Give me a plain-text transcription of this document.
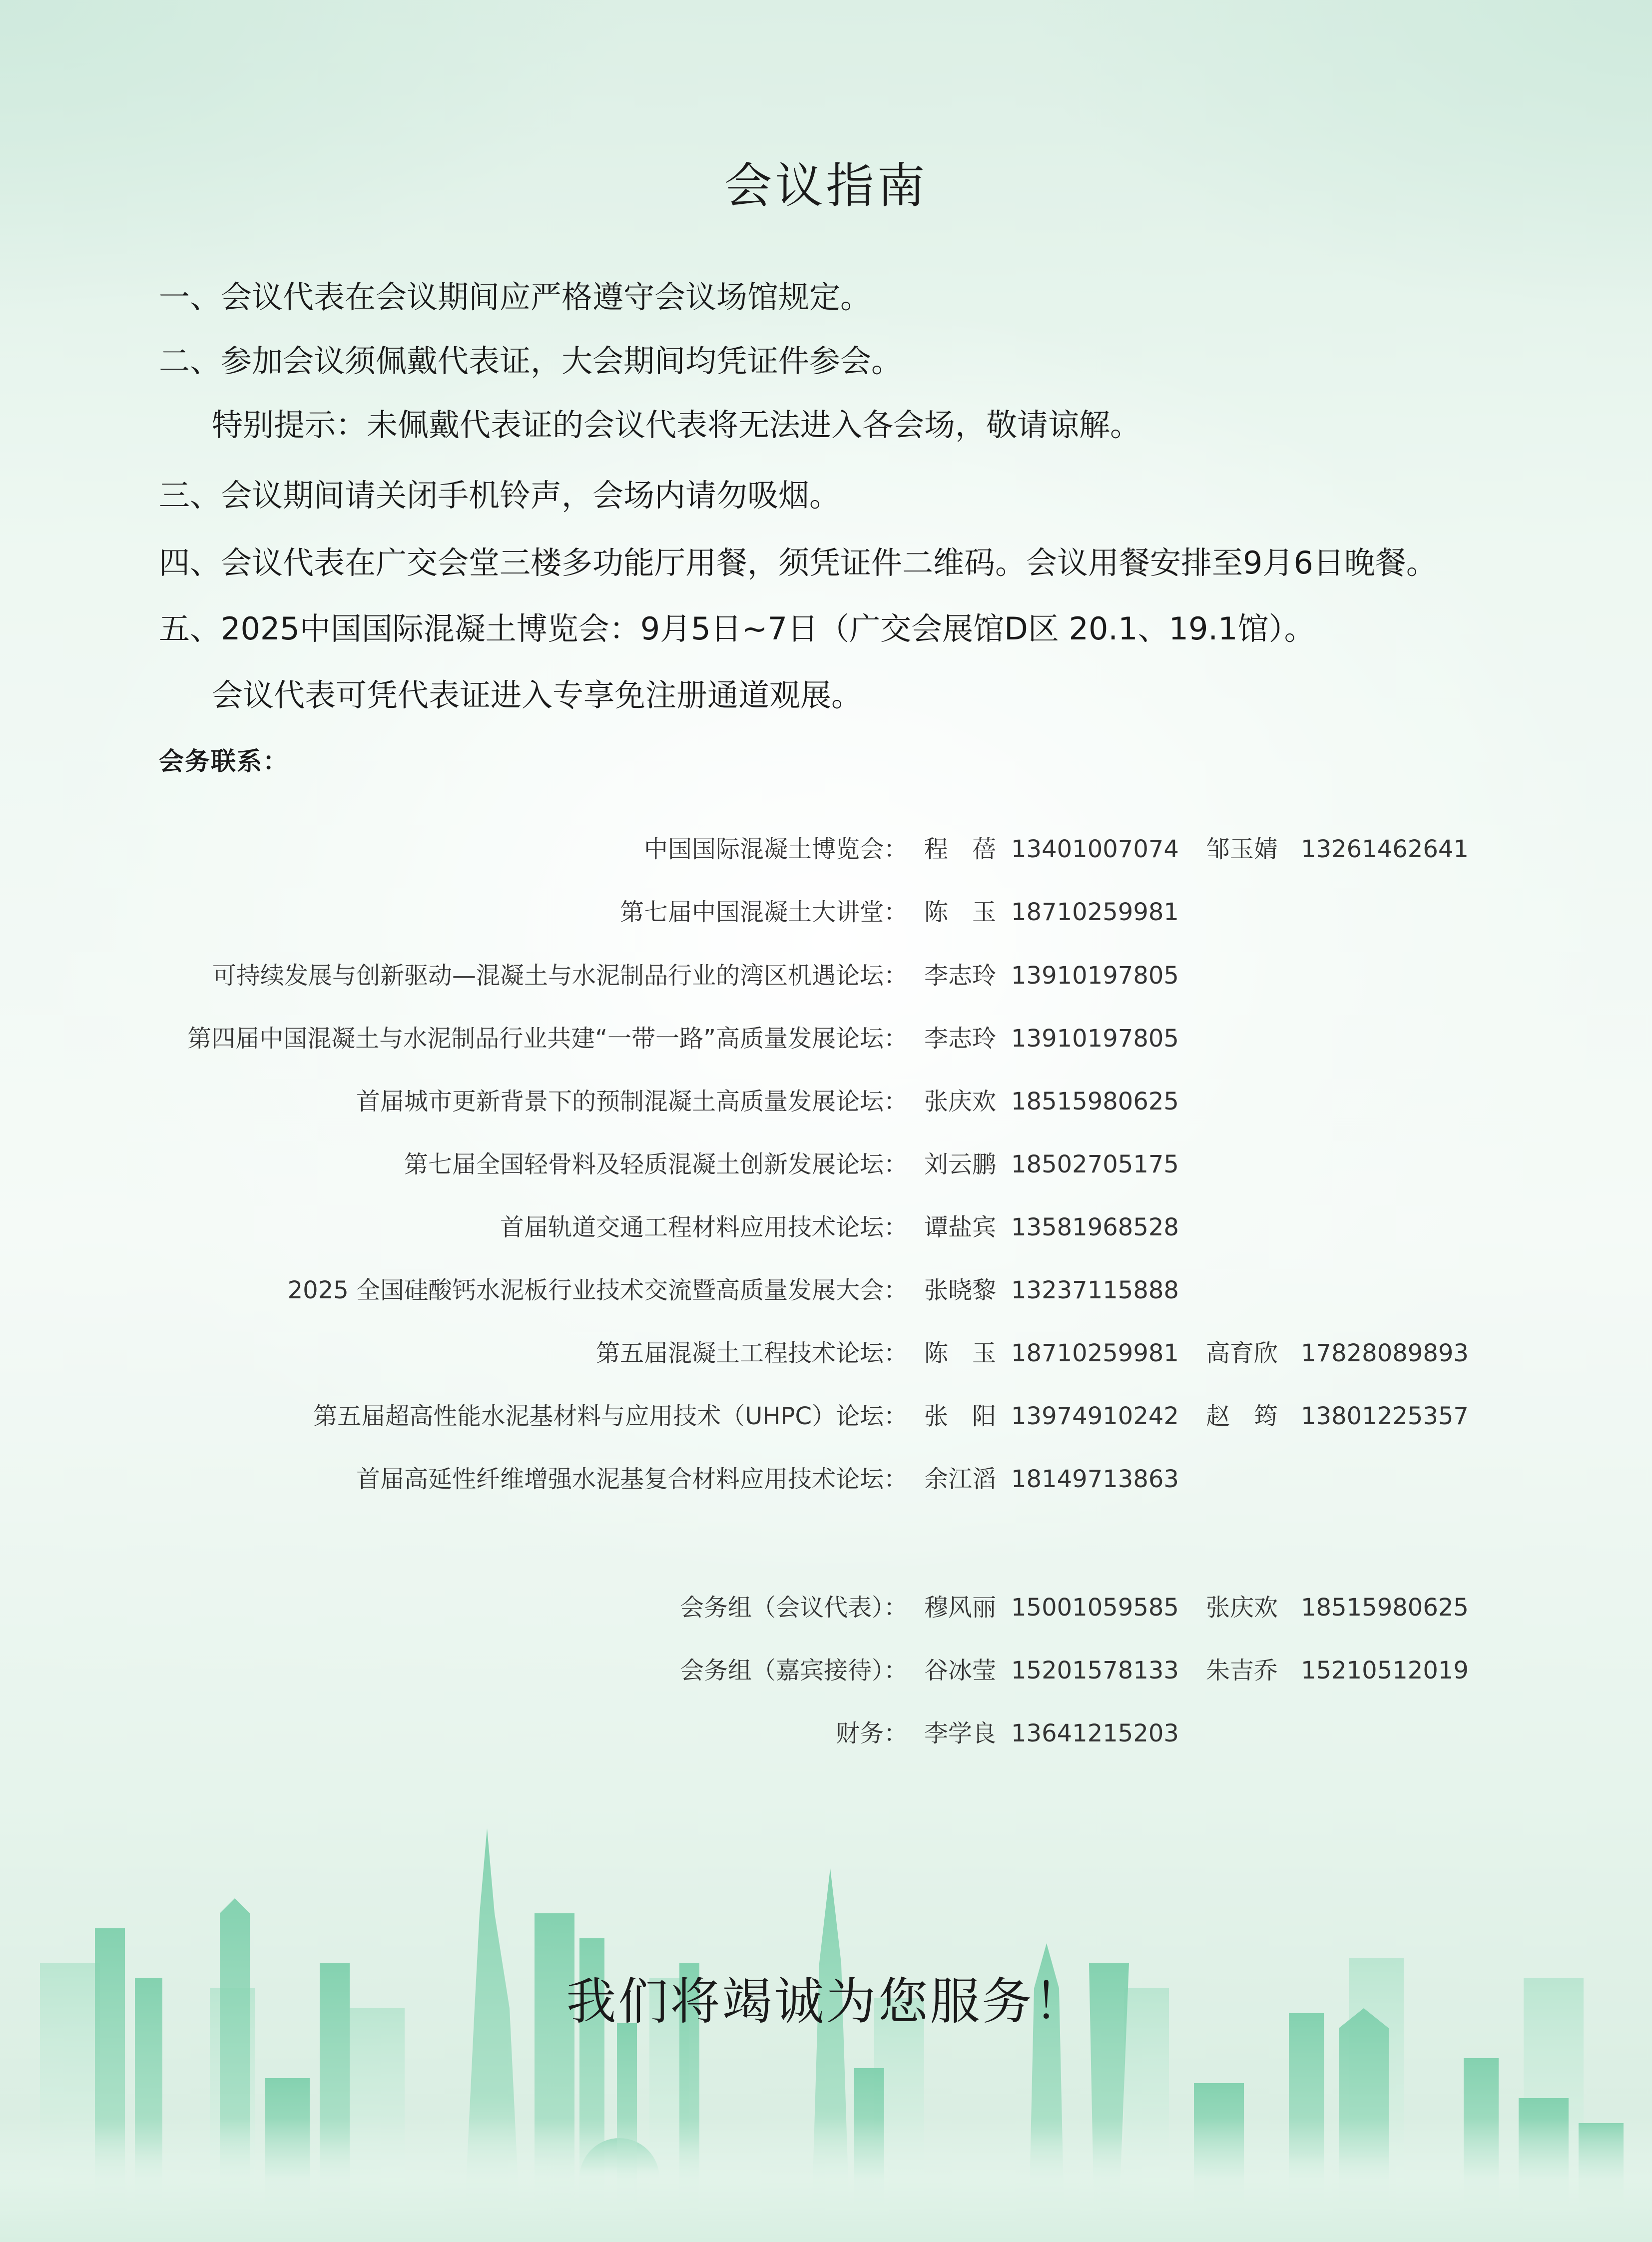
会议指南
一、会议代表在会议期间应严格遵守会议场馆规定。
二、参加会议须佩戴代表证，大会期间均凭证件参会。
特别提示：未佩戴代表证的会议代表将无法进入各会场，敬请谅解。
三、会议期间请关闭手机铃声，会场内请勿吸烟。
四、会议代表在广交会堂三楼多功能厅用餐，须凭证件二维码。会议用餐安排至9月6日晚餐。
五、2025中国国际混凝土博览会：9月5日~7日（广交会展馆D区 20.1、19.1馆）。
会议代表可凭代表证进入专享免注册通道观展。
会务联系：
中国国际混凝土博览会： 程　蓓 13401007074 邹玉婧 13261462641
第七届中国混凝土大讲堂： 陈　玉 18710259981
可持续发展与创新驱动—混凝土与水泥制品行业的湾区机遇论坛： 李志玲 13910197805
第四届中国混凝土与水泥制品行业共建“一带一路”高质量发展论坛： 李志玲 13910197805
首届城市更新背景下的预制混凝土高质量发展论坛： 张庆欢 18515980625
第七届全国轻骨料及轻质混凝土创新发展论坛： 刘云鹏 18502705175
首届轨道交通工程材料应用技术论坛： 谭盐宾 13581968528
2025 全国硅酸钙水泥板行业技术交流暨高质量发展大会： 张晓黎 13237115888
第五届混凝土工程技术论坛： 陈　玉 18710259981 高育欣 17828089893
第五届超高性能水泥基材料与应用技术（UHPC）论坛： 张　阳 13974910242 赵　筠 13801225357
首届高延性纤维增强水泥基复合材料应用技术论坛： 余江滔 18149713863
会务组（会议代表）： 穆风丽 15001059585 张庆欢 18515980625
会务组（嘉宾接待）： 谷冰莹 15201578133 朱吉乔 15210512019
财务： 李学良 13641215203
我们将竭诚为您服务！
